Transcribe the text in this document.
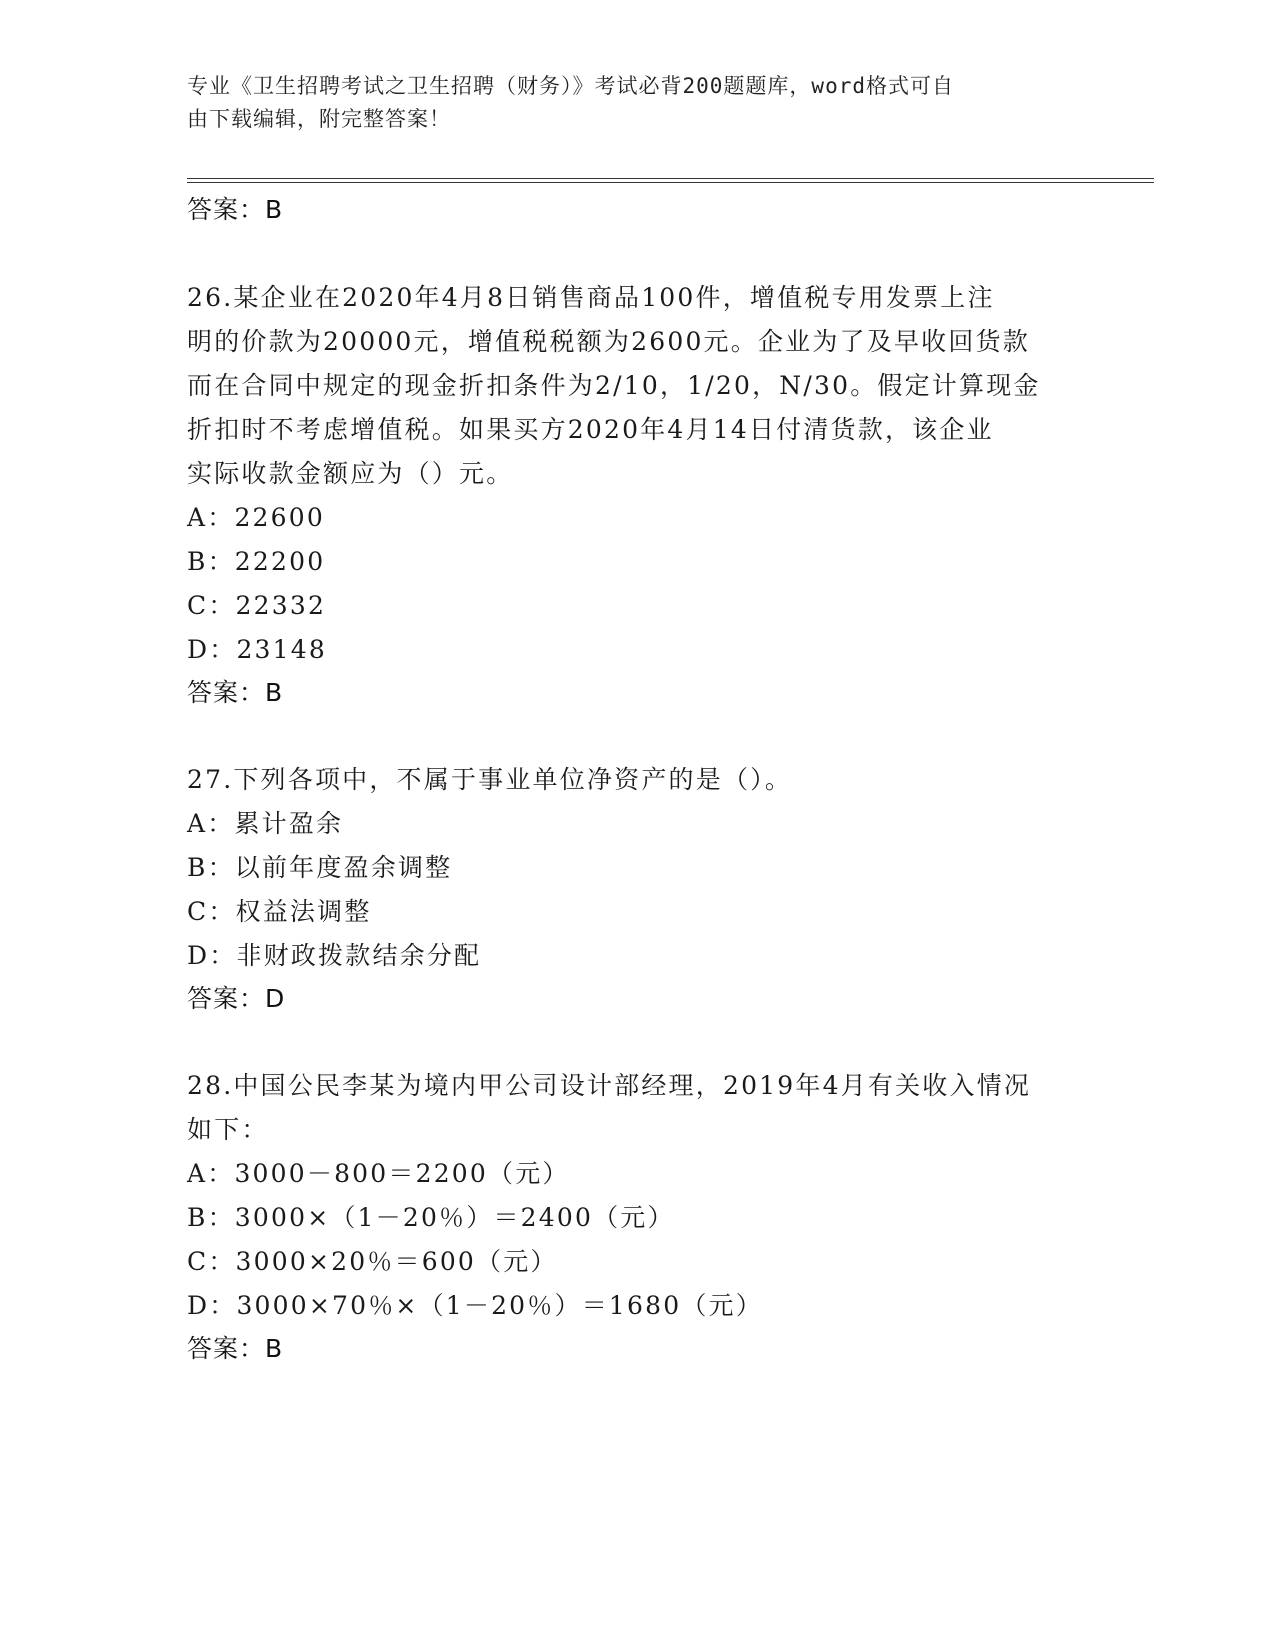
专业《卫生招聘考试之卫生招聘（财务）》考试必背200题题库，word格式可自
由下载编辑，附完整答案！
答案：B
26.某企业在2020年4月8日销售商品100件，增值税专用发票上注
明的价款为20000元，增值税税额为2600元。企业为了及早收回货款
而在合同中规定的现金折扣条件为2/10，1/20，N/30。假定计算现金
折扣时不考虑增值税。如果买方2020年4月14日付清货款，该企业
实际收款金额应为（）元。
A：22600
B：22200
C：22332
D：23148
答案：B
27.下列各项中，不属于事业单位净资产的是（）。
A：累计盈余
B：以前年度盈余调整
C：权益法调整
D：非财政拨款结余分配
答案：D
28.中国公民李某为境内甲公司设计部经理，2019年4月有关收入情况
如下：
A：3000－800＝2200（元）
B：3000×（1－20％）＝2400（元）
C：3000×20％＝600（元）
D：3000×70％×（1－20％）＝1680（元）
答案：B
